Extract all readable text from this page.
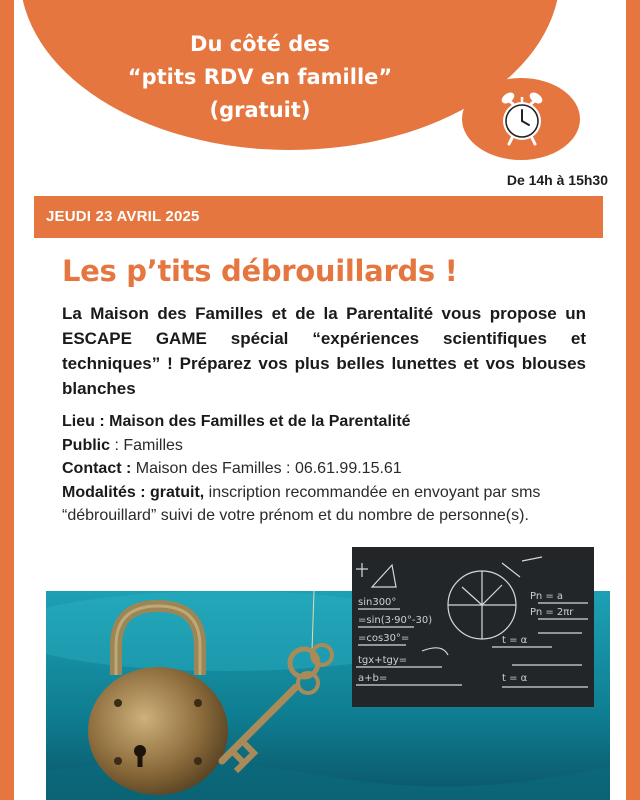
Du côté des
“ptits RDV en famille”
(gratuit)
De 14h à 15h30
JEUDI 23 AVRIL 2025
Les p’tits débrouillards !
La Maison des Familles et de la Parentalité vous propose un ESCAPE GAME spécial “expériences scientifiques et techniques” ! Préparez vos plus belles lunettes et vos blouses blanches
Lieu : Maison des Familles et de la Parentalité
Public : Familles
Contact : Maison des Familles : 06.61.99.15.61
Modalités : gratuit, inscription recommandée en envoyant par sms “débrouillard” suivi de votre prénom et du nombre de personne(s).
sin300°
=sin(3·90°-30)
=cos30°=
tgx+tgy=
a+b=
Pn = a
Pn = 2πr
t = α
t = α
